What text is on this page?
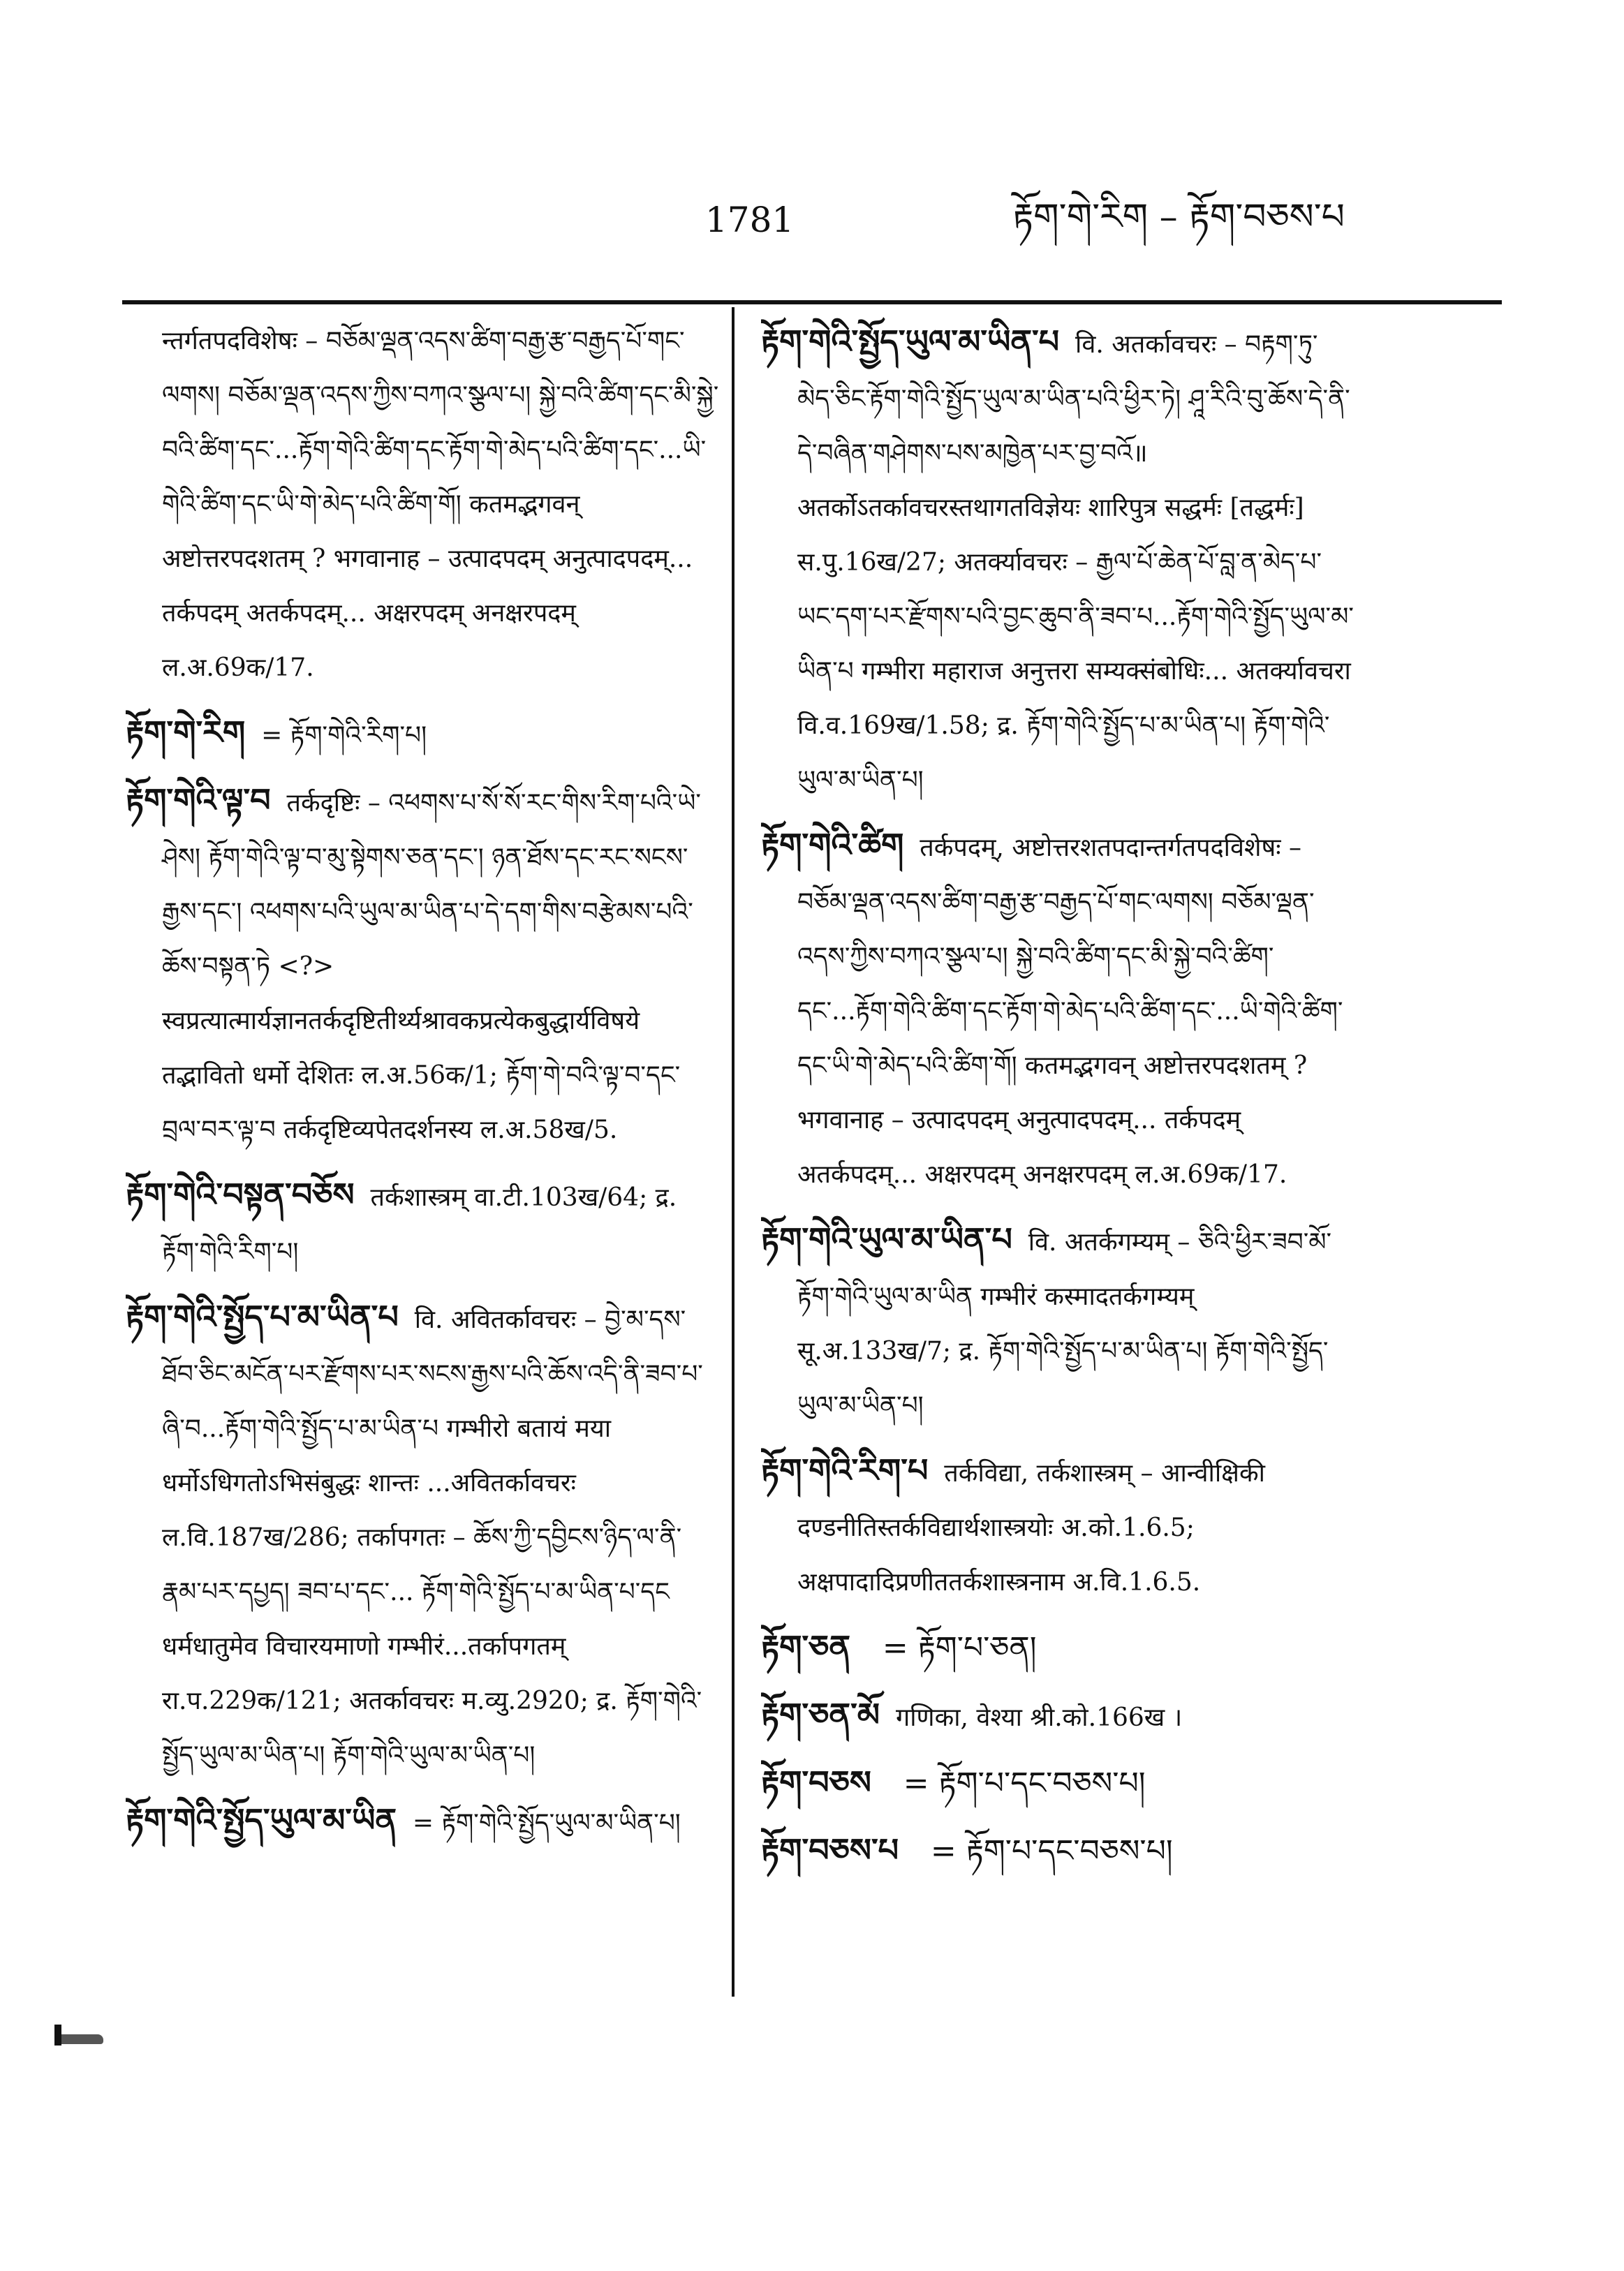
1781	རྟོག་གེ་རིག – རྟོག་བཅས་པ

न्तर्गतपदविशेषः – བཅོམ་ལྡན་འདས་ཚིག་བརྒྱ་རྩ་བརྒྱད་པོ་གང་ལགས། བཅོམ་ལྡན་འདས་ཀྱིས་བཀའ་སྩལ་པ། སྐྱེ་བའི་ཚིག་དང་མི་སྐྱེ་བའི་ཚིག་དང་...རྟོག་གེའི་ཚིག་དང་རྟོག་གེ་མེད་པའི་ཚིག་དང་...ཡི་གེའི་ཚིག་དང་ཡི་གེ་མེད་པའི་ཚིག་གོ། कतमद्भगवन् अष्टोत्तरपदशतम् ? भगवानाह – उत्पादपदम् अनुत्पादपदम्... तर्कपदम् अतर्कपदम्... अक्षरपदम् अनक्षरपदम् ल.अ.69क/17.

རྟོག་གེ་རིག = རྟོག་གེའི་རིག་པ།

རྟོག་གེའི་ལྟ་བ तर्कदृष्टिः – འཕགས་པ་སོ་སོ་རང་གིས་རིག་པའི་ཡེ་ཤེས། རྟོག་གེའི་ལྟ་བ་མུ་སྟེགས་ཅན་དང་། ཉན་ཐོས་དང་རང་སངས་རྒྱས་དང་། འཕགས་པའི་ཡུལ་མ་ཡིན་པ་དེ་དག་གིས་བརྩེམས་པའི་ཆོས་བསྟན་ཏེ <?> स्वप्रत्यात्मार्यज्ञानतर्कदृष्टितीर्थ्यश्रावकप्रत्येकबुद्धार्यविषये तद्भावितो धर्मो देशितः ल.अ.56क/1; རྟོག་གེ་བའི་ལྟ་བ་དང་བྲལ་བར་ལྟ་བ तर्कदृष्टिव्यपेतदर्शनस्य ल.अ.58ख/5.

རྟོག་གེའི་བསྟན་བཅོས तर्कशास्त्रम् वा.टी.103ख/64; द्र. རྟོག་གེའི་རིག་པ།

རྟོག་གེའི་སྤྱོད་པ་མ་ཡིན་པ वि. अवितर्कावचरः – བྱེ་མ་དས་ཐོབ་ཅིང་མངོན་པར་རྫོགས་པར་སངས་རྒྱས་པའི་ཆོས་འདི་ནི་ཟབ་པ་ཞི་བ...རྟོག་གེའི་སྤྱོད་པ་མ་ཡིན་པ गम्भीरो बतायं मया धर्मोऽधिगतोऽभिसंबुद्धः शान्तः ...अवितर्कावचरः ल.वि.187ख/286; तर्कापगतः – ཆོས་ཀྱི་དབྱིངས་ཉིད་ལ་ནི་རྣམ་པར་དཔྱད། ཟབ་པ་དང་... རྟོག་གེའི་སྤྱོད་པ་མ་ཡིན་པ་དང धर्मधातुमेव विचारयमाणो गम्भीरं...तर्कापगतम् रा.प.229क/121; अतर्कावचरः म.व्यु.2920; द्र. རྟོག་གེའི་སྤྱོད་ཡུལ་མ་ཡིན་པ། རྟོག་གེའི་ཡུལ་མ་ཡིན་པ།

རྟོག་གེའི་སྤྱོད་ཡུལ་མ་ཡིན = རྟོག་གེའི་སྤྱོད་ཡུལ་མ་ཡིན་པ།

རྟོག་གེའི་སྤྱོད་ཡུལ་མ་ཡིན་པ वि. अतर्कावचरः – བརྟག་ཏུ་མེད་ཅིང་རྟོག་གེའི་སྤྱོད་ཡུལ་མ་ཡིན་པའི་ཕྱིར་ཏེ། ཤཱ་རིའི་བུ་ཆོས་དེ་ནི་དེ་བཞིན་གཤེགས་པས་མཁྱེན་པར་བྱ་བའོ॥ अतर्कोऽतर्कावचरस्तथागतविज्ञेयः शारिपुत्र सद्धर्मः [तद्धर्मः] स.पु.16ख/27; अतर्क्यावचरः – རྒྱལ་པོ་ཆེན་པོ་བླ་ན་མེད་པ་ཡང་དག་པར་རྫོགས་པའི་བྱང་ཆུབ་ནི་ཟབ་པ...རྟོག་གེའི་སྤྱོད་ཡུལ་མ་ཡིན་པ गम्भीरा महाराज अनुत्तरा सम्यक्संबोधिः... अतर्क्यावचरा वि.व.169ख/1.58; द्र. རྟོག་གེའི་སྤྱོད་པ་མ་ཡིན་པ། རྟོག་གེའི་ཡུལ་མ་ཡིན་པ།

རྟོག་གེའི་ཚིག तर्कपदम्, अष्टोत्तरशतपदान्तर्गतपदविशेषः – བཅོམ་ལྡན་འདས་ཚིག་བརྒྱ་རྩ་བརྒྱད་པོ་གང་ལགས། བཅོམ་ལྡན་འདས་ཀྱིས་བཀའ་སྩལ་པ། སྐྱེ་བའི་ཚིག་དང་མི་སྐྱེ་བའི་ཚིག་དང་...རྟོག་གེའི་ཚིག་དང་རྟོག་གེ་མེད་པའི་ཚིག་དང་...ཡི་གེའི་ཚིག་དང་ཡི་གེ་མེད་པའི་ཚིག་གོ། कतमद्भगवन् अष्टोत्तरपदशतम् ? भगवानाह – उत्पादपदम् अनुत्पादपदम्... तर्कपदम् अतर्कपदम्... अक्षरपदम् अनक्षरपदम् ल.अ.69क/17.

རྟོག་གེའི་ཡུལ་མ་ཡིན་པ वि. अतर्कगम्यम् – ཅིའི་ཕྱིར་ཟབ་མོ་རྟོག་གེའི་ཡུལ་མ་ཡིན गम्भीरं कस्मादतर्कगम्यम् सू.अ.133ख/7; द्र. རྟོག་གེའི་སྤྱོད་པ་མ་ཡིན་པ། རྟོག་གེའི་སྤྱོད་ཡུལ་མ་ཡིན་པ།

རྟོག་གེའི་རིག་པ तर्कविद्या, तर्कशास्त्रम् – आन्वीक्षिकी दण्डनीतिस्तर्कविद्यार्थशास्त्रयोः अ.को.1.6.5; अक्षपादादिप्रणीततर्कशास्त्रनाम अ.वि.1.6.5.

རྟོག་ཅན = རྟོག་པ་ཅན།

རྟོག་ཅན་མོ गणिका, वेश्या श्री.को.166ख ।

རྟོག་བཅས = རྟོག་པ་དང་བཅས་པ།

རྟོག་བཅས་པ = རྟོག་པ་དང་བཅས་པ།
